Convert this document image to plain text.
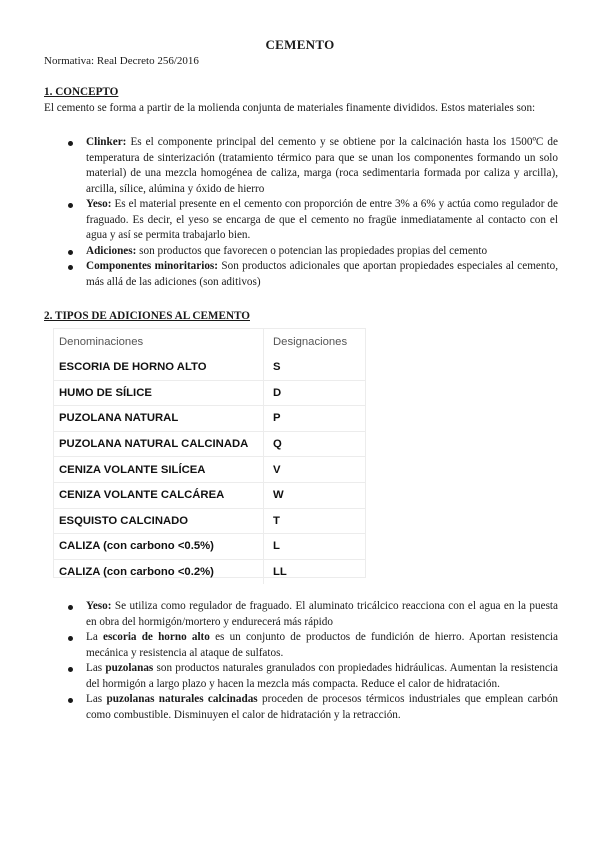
CEMENTO
Normativa: Real Decreto 256/2016
1. CONCEPTO
El cemento se forma a partir de la molienda conjunta de materiales finamente divididos. Estos materiales son:
Clinker: Es el componente principal del cemento y se obtiene por la calcinación hasta los 1500ºC de temperatura de sinterización (tratamiento térmico para que se unan los componentes formando un solo material) de una mezcla homogénea de caliza, marga (roca sedimentaria formada por caliza y arcilla), arcilla, sílice, alúmina y óxido de hierro
Yeso: Es el material presente en el cemento con proporción de entre 3% a 6% y actúa como regulador de fraguado. Es decir, el yeso se encarga de que el cemento no fragüe inmediatamente al contacto con el agua y así se permita trabajarlo bien.
Adiciones: son productos que favorecen o potencian las propiedades propias del cemento
Componentes minoritarios: Son productos adicionales que aportan propiedades especiales al cemento, más allá de las adiciones (son aditivos)
2. TIPOS DE ADICIONES AL CEMENTO
Denominaciones	Designaciones
ESCORIA DE HORNO ALTO	S
HUMO DE SÍLICE	D
PUZOLANA NATURAL	P
PUZOLANA NATURAL CALCINADA	Q
CENIZA VOLANTE SILÍCEA	V
CENIZA VOLANTE CALCÁREA	W
ESQUISTO CALCINADO	T
CALIZA (con carbono <0.5%)	L
CALIZA (con carbono <0.2%)	LL
Yeso: Se utiliza como regulador de fraguado. El aluminato tricálcico reacciona con el agua en la puesta en obra del hormigón/mortero y endurecerá más rápido
La escoria de horno alto es un conjunto de productos de fundición de hierro. Aportan resistencia mecánica y resistencia al ataque de sulfatos.
Las puzolanas son productos naturales granulados con propiedades hidráulicas. Aumentan la resistencia del hormigón a largo plazo y hacen la mezcla más compacta. Reduce el calor de hidratación.
Las puzolanas naturales calcinadas proceden de procesos térmicos industriales que emplean carbón como combustible. Disminuyen el calor de hidratación y la retracción.
